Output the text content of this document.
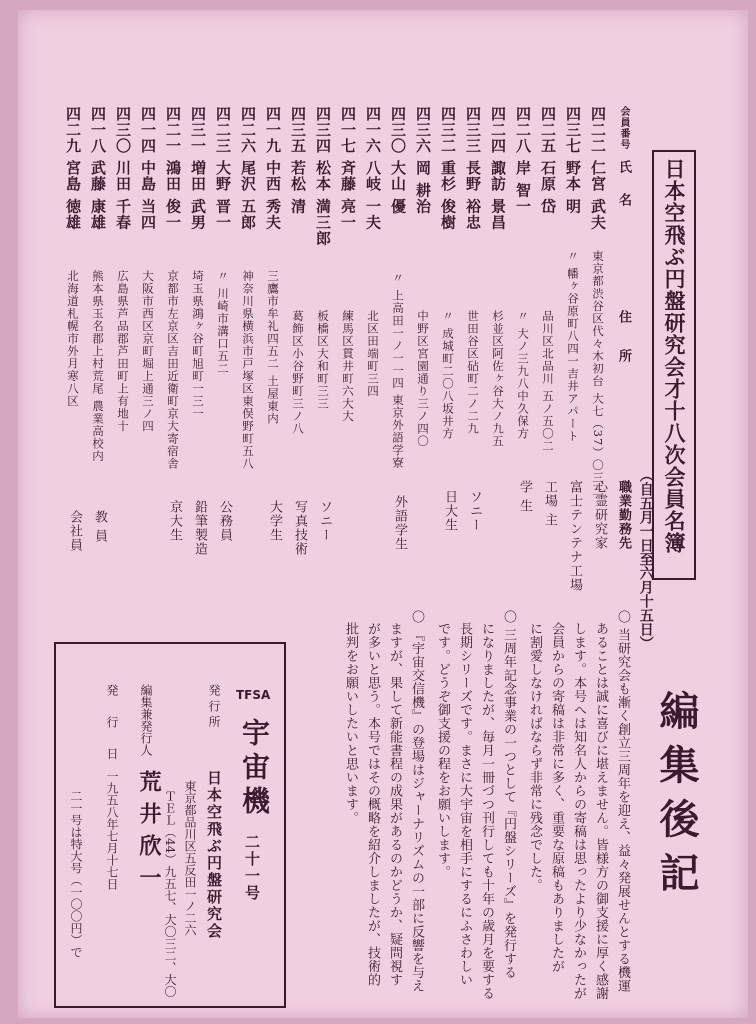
日本空飛ぶ円盤研究会才十八次会員名簿
（自五月一日至六月十五日）
会員番号
氏名
住所
職業勤務先
四二二
仁宮 武夫
東京都渋谷区代々木初台 大七（37）〇三三
心霊研究家
四三七
野本 明
〃 幡ヶ谷原町八四一吉井アパート
富士テンテナ工場
四二五
石原 岱
品川区北品川 五ノ五〇二
工場 主
四二八
岸 智一
〃 大ノ三九八中久保方
学 生
四二四
諏訪 景昌
杉並区阿佐ヶ谷大ノ九五
四三三
長野 裕忠
世田谷区砧町二ノ二九
ソニー
四三二
重杉 俊樹
〃 成城町二〇八坂井方
日大生
四三六
岡 耕治
中野区宮園通り三ノ四〇
四三〇
大山 優
〃 上高田一ノ一一四 東京外語学寮
外語学生
四一六
八岐 一夫
北区田端町三四
四一七
斉藤 亮一
練馬区貫井町六大大
四三四
松本 満三郎
板橋区大和町三三
ソニー
四三五
若松 清
葛飾区小谷野町三ノ八
写真技術
四一九
中西 秀夫
三鷹市牟礼四五二 土屋東内
大学生
四二六
尾沢 五郎
神奈川県横浜市戸塚区東俣野町五八
四二三
大野 晋一
〃 川崎市溝口五二
公務員
四三一
増田 武男
埼玉県鴻ヶ谷町旭町一三一
鉛筆製造
四二一
鴻田 俊一
京都市左京区吉田近衛町京大寄宿舎
京大生
四一四
中島 当四
大阪市西区京町堀上通三ノ四
四三〇
川田 千春
広島県芦品郡芦田町上有地十
四一八
武藤 康雄
熊本県玉名郡上村荒尾 農業高校内
教 員
四二九
宮島 徳雄
北海道札幌市外月寒八区
会社員
編集後記
〇 当研究会も漸く創立三周年を迎え、益々発展せんとする機運
あることは誠に喜びに堪えません。皆様方の御支援に厚く感謝
します。本号へは知名人からの寄稿は思ったより少なかったが
会員からの寄稿は非常に多く、重要な原稿もありましたが
に割愛しなければならず非常に残念でした。
〇 三周年記念事業の一つとして『円盤シリーズ』を発行する
になりましたが、毎月一冊づつ刊行しても十年の歳月を要する
長期シリーズです。まさに大宇宙を相手にするにふさわしい
です。どうぞ御支援の程をお願いします。
〇 『宇宙交信機』の登場はジャーナリズムの一部に反響を与え
ますが、果して新能書程の成果があるのかどうか、疑問視す
が多いと思う。本号ではその概略を紹介しましたが、技術的
批判をお願いしたいと思います。
TFSA
宇宙機
二十一号
発 行 所
日本空飛ぶ円盤研究会
東京都品川区五反田一ノ二六
ＴＥＬ（44）九五七、大〇三二、大〇
編集兼発行人
荒井欣一
発 行 日
一九五八年七月十七日
二一号は特大号（一〇〇円）で
